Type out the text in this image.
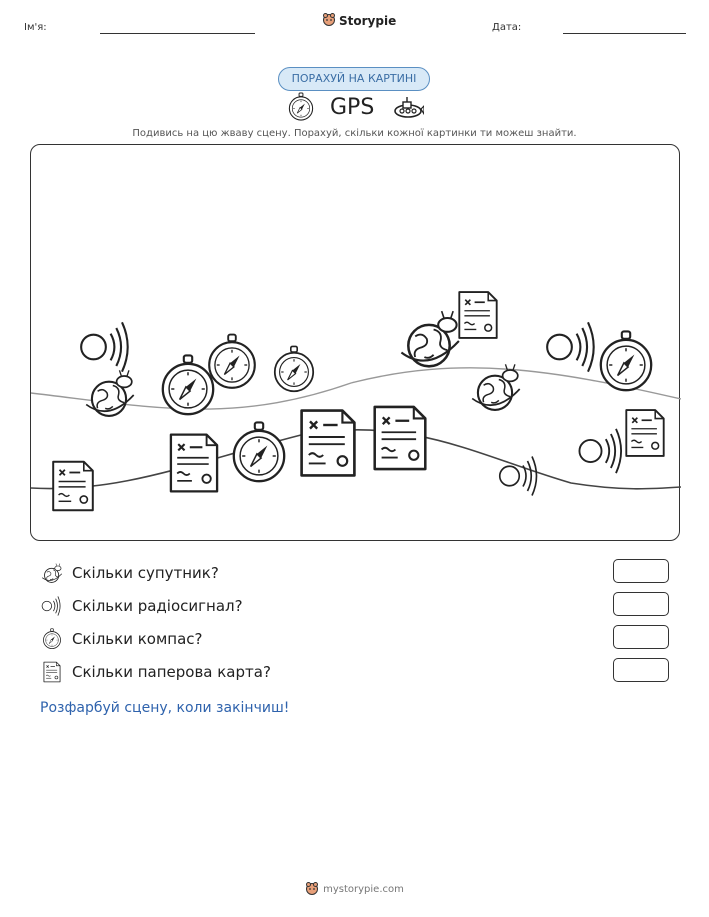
Ім'я:	Storypie	Дата:
ПОРАХУЙ НА КАРТИНІ
GPS
Подивись на цю жваву сцену. Порахуй, скільки кожної картинки ти можеш знайти.
Скільки супутник?
Скільки радіосигнал?
Скільки компас?
Скільки паперова карта?
Розфарбуй сцену, коли закінчиш!
mystorypie.com
